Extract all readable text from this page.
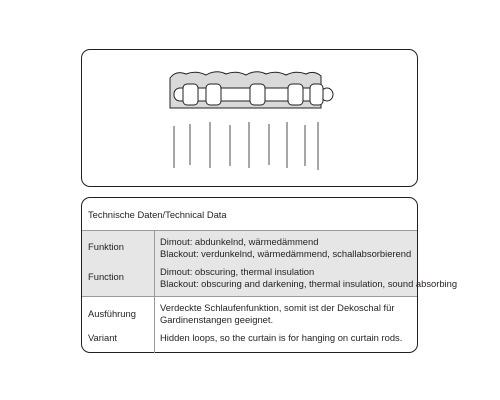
Technische Daten/Technical Data
Funktion
Function
Dimout: abdunkelnd, wärmedämmend
Blackout: verdunkelnd, wärmedämmend, schallabsorbierend
Dimout: obscuring, thermal insulation
Blackout: obscuring and darkening, thermal insulation, sound absorbing
Ausführung
Variant
Verdeckte Schlaufenfunktion, somit ist der Dekoschal für
Gardinenstangen geeignet.
Hidden loops, so the curtain is for hanging on curtain rods.
